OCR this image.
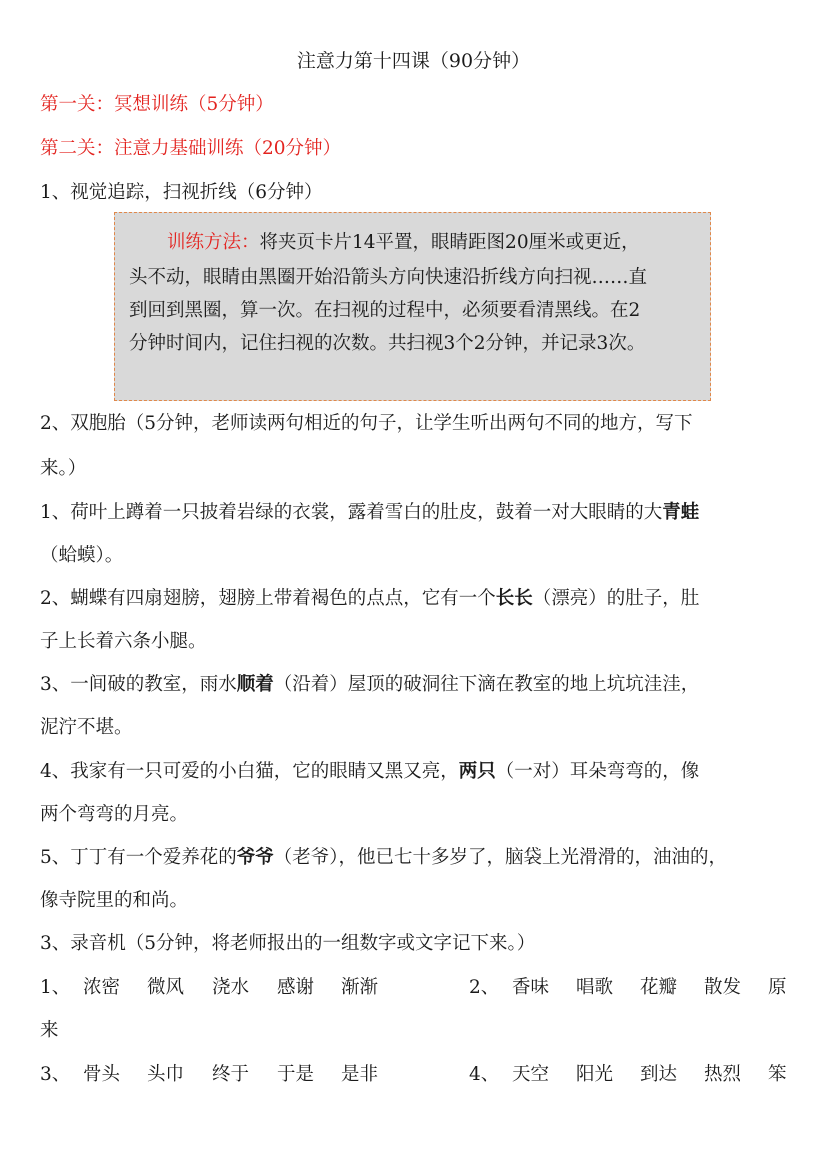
注意力第十四课（90分钟）
第一关：冥想训练（5分钟）
第二关：注意力基础训练（20分钟）
1、视觉追踪，扫视折线（6分钟）
训练方法：将夹页卡片14平置，眼睛距图20厘米或更近，
头不动，眼睛由黑圈开始沿箭头方向快速沿折线方向扫视……直
到回到黑圈，算一次。在扫视的过程中，必须要看清黑线。在2
分钟时间内，记住扫视的次数。共扫视3个2分钟，并记录3次。
2、双胞胎（5分钟，老师读两句相近的句子，让学生听出两句不同的地方，写下
来。）
1、荷叶上蹲着一只披着岩绿的衣裳，露着雪白的肚皮，鼓着一对大眼睛的大青蛙
（蛤蟆）。
2、蝴蝶有四扇翅膀，翅膀上带着褐色的点点，它有一个长长（漂亮）的肚子，肚
子上长着六条小腿。
3、一间破的教室，雨水顺着（沿着）屋顶的破洞往下滴在教室的地上坑坑洼洼，
泥泞不堪。
4、我家有一只可爱的小白猫，它的眼睛又黑又亮，两只（一对）耳朵弯弯的，像
两个弯弯的月亮。
5、丁丁有一个爱养花的爷爷（老爷），他已七十多岁了，脑袋上光滑滑的，油油的，
像寺院里的和尚。
3、录音机（5分钟，将老师报出的一组数字或文字记下来。）
1、 浓密 微风 浇水 感谢 渐渐	2、 香味 唱歌 花瓣 散发 原
来
3、 骨头 头巾 终于 于是 是非	4、 天空 阳光 到达 热烈 笨
